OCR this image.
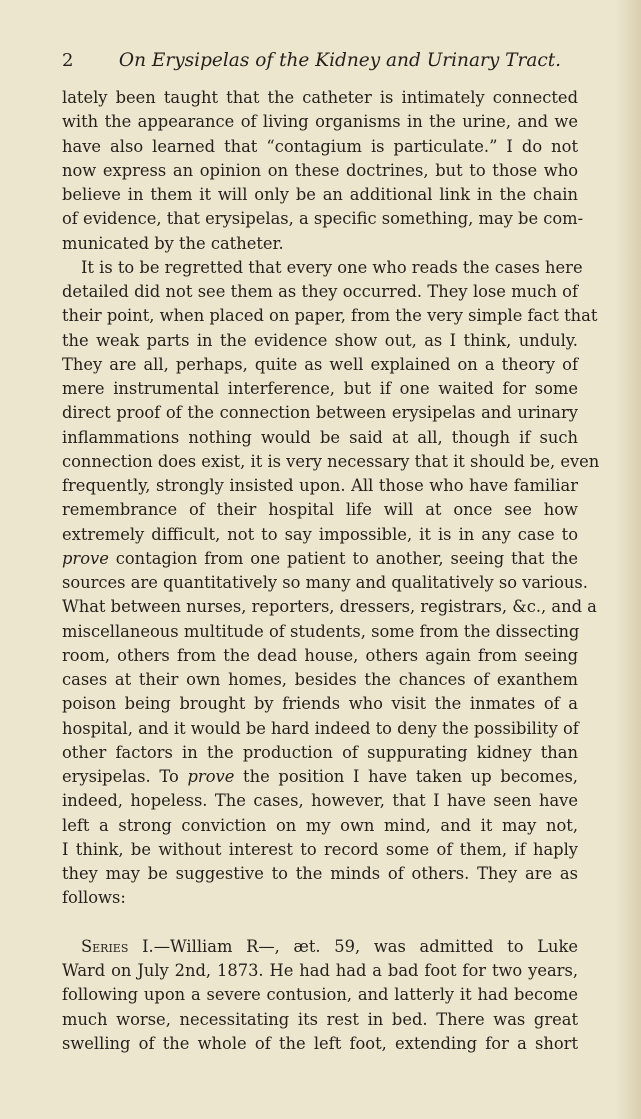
2	On Erysipelas of the Kidney and Urinary Tract.
lately been taught that the catheter is intimately connected
with the appearance of living organisms in the urine, and we
have also learned that “contagium is particulate.” I do not
now express an opinion on these doctrines, but to those who
believe in them it will only be an additional link in the chain
of evidence, that erysipelas, a specific something, may be com-
municated by the catheter.
It is to be regretted that every one who reads the cases here
detailed did not see them as they occurred. They lose much of
their point, when placed on paper, from the very simple fact that
the weak parts in the evidence show out, as I think, unduly.
They are all, perhaps, quite as well explained on a theory of
mere instrumental interference, but if one waited for some
direct proof of the connection between erysipelas and urinary
inflammations nothing would be said at all, though if such
connection does exist, it is very necessary that it should be, even
frequently, strongly insisted upon. All those who have familiar
remembrance of their hospital life will at once see how
extremely difficult, not to say impossible, it is in any case to
prove contagion from one patient to another, seeing that the
sources are quantitatively so many and qualitatively so various.
What between nurses, reporters, dressers, registrars, &c., and a
miscellaneous multitude of students, some from the dissecting
room, others from the dead house, others again from seeing
cases at their own homes, besides the chances of exanthem
poison being brought by friends who visit the inmates of a
hospital, and it would be hard indeed to deny the possibility of
other factors in the production of suppurating kidney than
erysipelas. To prove the position I have taken up becomes,
indeed, hopeless. The cases, however, that I have seen have
left a strong conviction on my own mind, and it may not,
I think, be without interest to record some of them, if haply
they may be suggestive to the minds of others. They are as
follows:
Series I.—William R—, æt. 59, was admitted to Luke
Ward on July 2nd, 1873. He had had a bad foot for two years,
following upon a severe contusion, and latterly it had become
much worse, necessitating its rest in bed. There was great
swelling of the whole of the left foot, extending for a short
